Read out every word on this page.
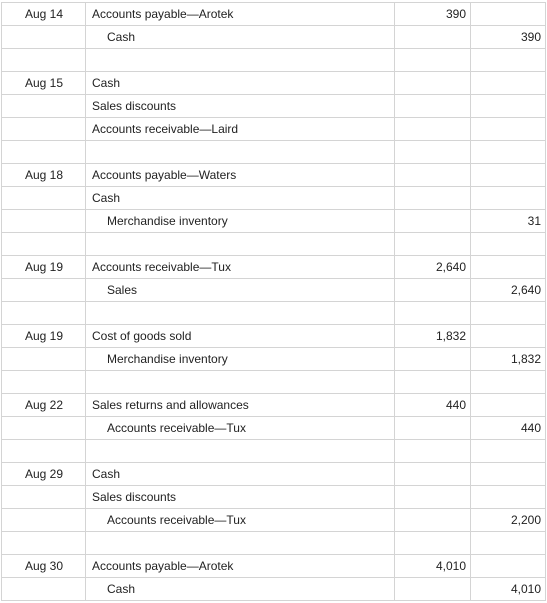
Aug 14	Accounts payable—Arotek	390	
	Cash		390

Aug 15	Cash		
	Sales discounts		
	Accounts receivable—Laird		

Aug 18	Accounts payable—Waters		
	Cash		
	Merchandise inventory		31

Aug 19	Accounts receivable—Tux	2,640	
	Sales		2,640

Aug 19	Cost of goods sold	1,832	
	Merchandise inventory		1,832

Aug 22	Sales returns and allowances	440	
	Accounts receivable—Tux		440

Aug 29	Cash		
	Sales discounts		
	Accounts receivable—Tux		2,200

Aug 30	Accounts payable—Arotek	4,010	
	Cash		4,010
